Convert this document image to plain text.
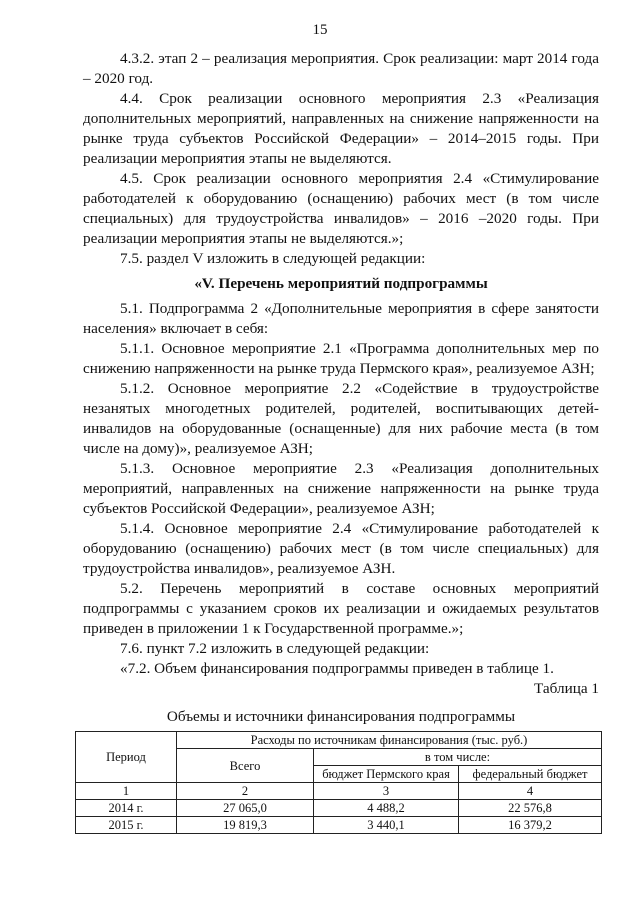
15

4.3.2. этап 2 – реализация мероприятия. Срок реализации: март 2014 года – 2020 год.

4.4. Срок реализации основного мероприятия 2.3 «Реализация дополнительных мероприятий, направленных на снижение напряженности на рынке труда субъектов Российской Федерации» – 2014–2015 годы. При реализации мероприятия этапы не выделяются.

4.5. Срок реализации основного мероприятия 2.4 «Стимулирование работодателей к оборудованию (оснащению) рабочих мест (в том числе специальных) для трудоустройства инвалидов» – 2016 –2020 годы. При реализации мероприятия этапы не выделяются.»;

7.5. раздел V изложить в следующей редакции:

«V. Перечень мероприятий подпрограммы

5.1. Подпрограмма 2 «Дополнительные мероприятия в сфере занятости населения» включает в себя:

5.1.1. Основное мероприятие 2.1 «Программа дополнительных мер по снижению напряженности на рынке труда Пермского края», реализуемое АЗН;

5.1.2. Основное мероприятие 2.2 «Содействие в трудоустройстве незанятых многодетных родителей, родителей, воспитывающих детей-инвалидов на оборудованные (оснащенные) для них рабочие места (в том числе на дому)», реализуемое АЗН;

5.1.3. Основное мероприятие 2.3 «Реализация дополнительных мероприятий, направленных на снижение напряженности на рынке труда субъектов Российской Федерации», реализуемое АЗН;

5.1.4. Основное мероприятие 2.4 «Стимулирование работодателей к оборудованию (оснащению) рабочих мест (в том числе специальных) для трудоустройства инвалидов», реализуемое АЗН.

5.2. Перечень мероприятий в составе основных мероприятий подпрограммы с указанием сроков их реализации и ожидаемых результатов приведен в приложении 1 к Государственной программе.»;

7.6. пункт 7.2 изложить в следующей редакции:

«7.2. Объем финансирования подпрограммы приведен в таблице 1.

Таблица 1

Объемы и источники финансирования подпрограммы

Период	Расходы по источникам финансирования (тыс. руб.)		
	Всего	в том числе:	
		бюджет Пермского края	федеральный бюджет
1	2	3	4
2014 г.	27 065,0	4 488,2	22 576,8
2015 г.	19 819,3	3 440,1	16 379,2
